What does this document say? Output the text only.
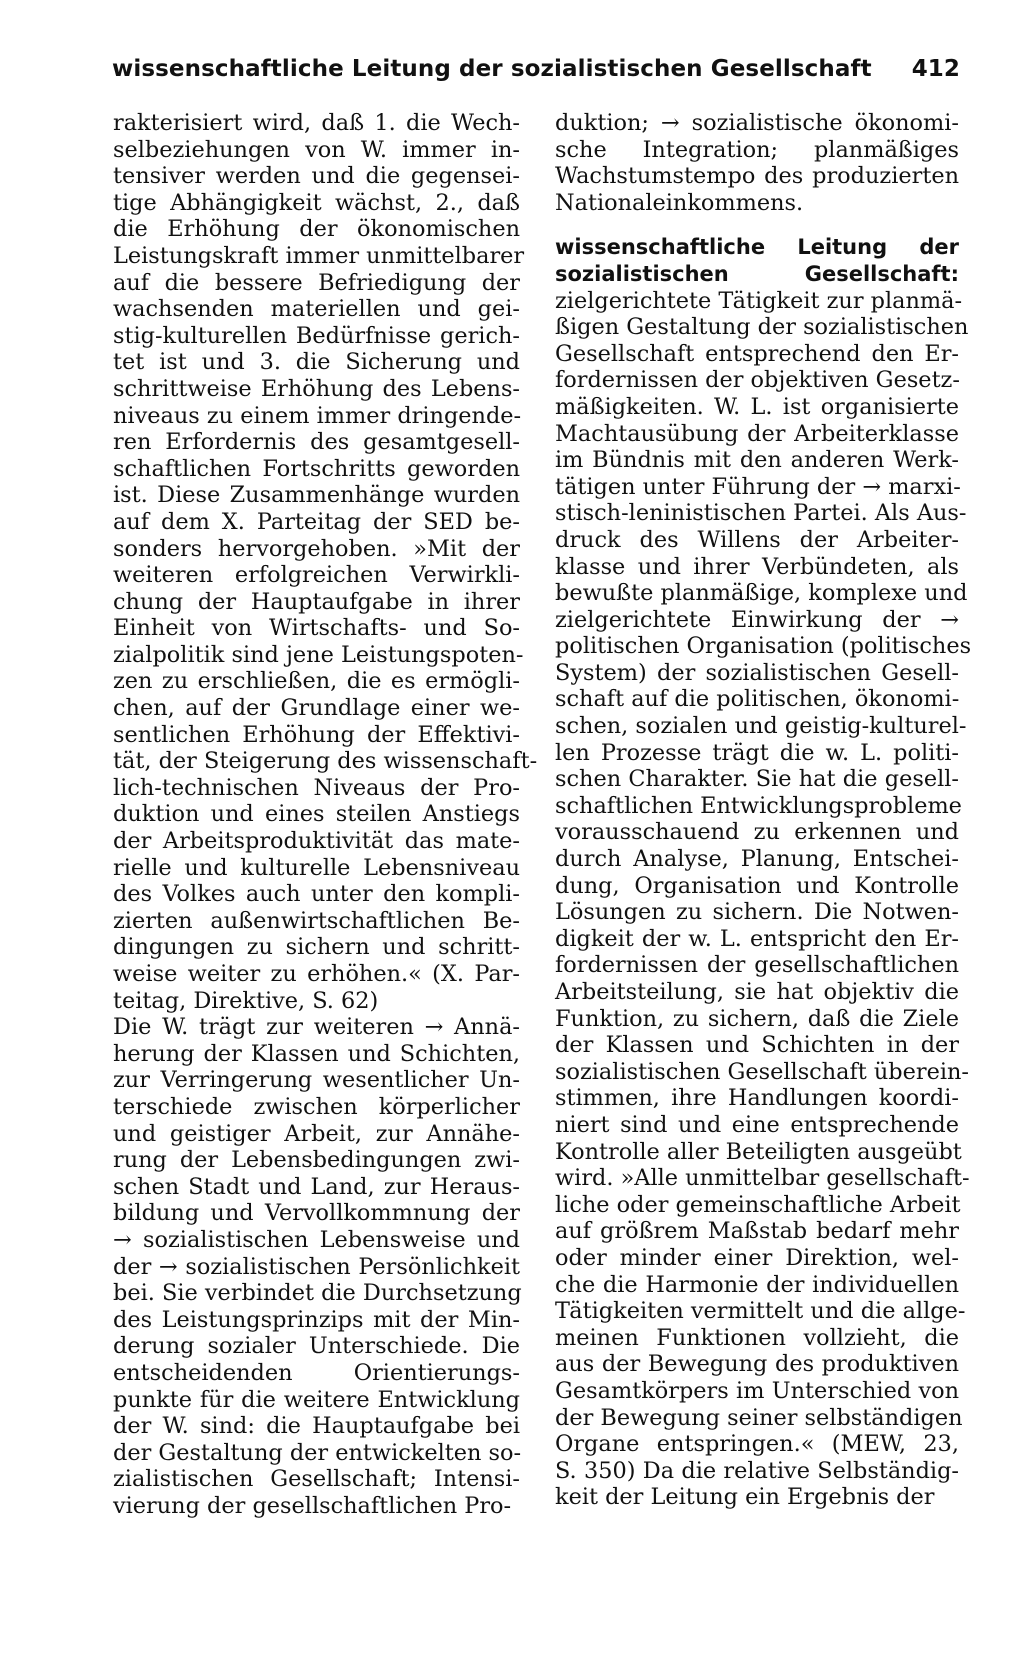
wissenschaftliche Leitung der sozialistischen Gesellschaft 412
rakterisiert wird, daß 1. die Wech-
selbeziehungen von W. immer in-
tensiver werden und die gegensei-
tige Abhängigkeit wächst, 2., daß
die Erhöhung der ökonomischen
Leistungskraft immer unmittelbarer
auf die bessere Befriedigung der
wachsenden materiellen und gei-
stig-kulturellen Bedürfnisse gerich-
tet ist und 3. die Sicherung und
schrittweise Erhöhung des Lebens-
niveaus zu einem immer dringende-
ren Erfordernis des gesamtgesell-
schaftlichen Fortschritts geworden
ist. Diese Zusammenhänge wurden
auf dem X. Parteitag der SED be-
sonders hervorgehoben. »Mit der
weiteren erfolgreichen Verwirkli-
chung der Hauptaufgabe in ihrer
Einheit von Wirtschafts- und So-
zialpolitik sind jene Leistungspoten-
zen zu erschließen, die es ermögli-
chen, auf der Grundlage einer we-
sentlichen Erhöhung der Effektivi-
tät, der Steigerung des wissenschaft-
lich-technischen Niveaus der Pro-
duktion und eines steilen Anstiegs
der Arbeitsproduktivität das mate-
rielle und kulturelle Lebensniveau
des Volkes auch unter den kompli-
zierten außenwirtschaftlichen Be-
dingungen zu sichern und schritt-
weise weiter zu erhöhen.« (X. Par-
teitag, Direktive, S. 62)
Die W. trägt zur weiteren → Annä-
herung der Klassen und Schichten,
zur Verringerung wesentlicher Un-
terschiede zwischen körperlicher
und geistiger Arbeit, zur Annähe-
rung der Lebensbedingungen zwi-
schen Stadt und Land, zur Heraus-
bildung und Vervollkommnung der
→ sozialistischen Lebensweise und
der → sozialistischen Persönlichkeit
bei. Sie verbindet die Durchsetzung
des Leistungsprinzips mit der Min-
derung sozialer Unterschiede. Die
entscheidenden Orientierungs-
punkte für die weitere Entwicklung
der W. sind: die Hauptaufgabe bei
der Gestaltung der entwickelten so-
zialistischen Gesellschaft; Intensi-
vierung der gesellschaftlichen Pro-
duktion; → sozialistische ökonomi-
sche Integration; planmäßiges
Wachstumstempo des produzierten
Nationaleinkommens.
wissenschaftliche Leitung der
sozialistischen Gesellschaft:
zielgerichtete Tätigkeit zur planmä-
ßigen Gestaltung der sozialistischen
Gesellschaft entsprechend den Er-
fordernissen der objektiven Gesetz-
mäßigkeiten. W. L. ist organisierte
Machtausübung der Arbeiterklasse
im Bündnis mit den anderen Werk-
tätigen unter Führung der → marxi-
stisch-leninistischen Partei. Als Aus-
druck des Willens der Arbeiter-
klasse und ihrer Verbündeten, als
bewußte planmäßige, komplexe und
zielgerichtete Einwirkung der →
politischen Organisation (politisches
System) der sozialistischen Gesell-
schaft auf die politischen, ökonomi-
schen, sozialen und geistig-kulturel-
len Prozesse trägt die w. L. politi-
schen Charakter. Sie hat die gesell-
schaftlichen Entwicklungsprobleme
vorausschauend zu erkennen und
durch Analyse, Planung, Entschei-
dung, Organisation und Kontrolle
Lösungen zu sichern. Die Notwen-
digkeit der w. L. entspricht den Er-
fordernissen der gesellschaftlichen
Arbeitsteilung, sie hat objektiv die
Funktion, zu sichern, daß die Ziele
der Klassen und Schichten in der
sozialistischen Gesellschaft überein-
stimmen, ihre Handlungen koordi-
niert sind und eine entsprechende
Kontrolle aller Beteiligten ausgeübt
wird. »Alle unmittelbar gesellschaft-
liche oder gemeinschaftliche Arbeit
auf größrem Maßstab bedarf mehr
oder minder einer Direktion, wel-
che die Harmonie der individuellen
Tätigkeiten vermittelt und die allge-
meinen Funktionen vollzieht, die
aus der Bewegung des produktiven
Gesamtkörpers im Unterschied von
der Bewegung seiner selbständigen
Organe entspringen.« (MEW, 23,
S. 350) Da die relative Selbständig-
keit der Leitung ein Ergebnis der
